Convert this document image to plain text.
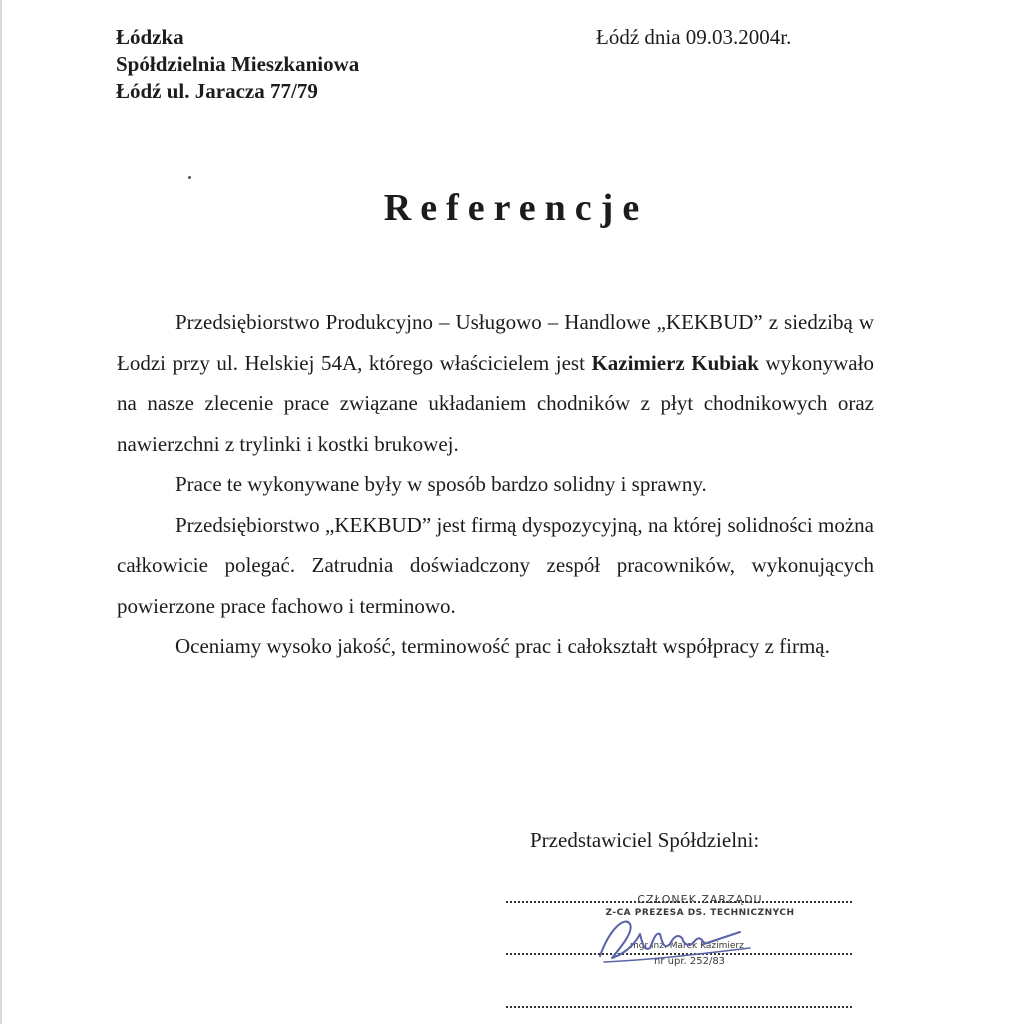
Łódzka
Spółdzielnia Mieszkaniowa
Łódź ul. Jaracza 77/79
Łódź dnia 09.03.2004r.
Referencje

Przedsiębiorstwo Produkcyjno – Usługowo – Handlowe „KEKBUD” z siedzibą w Łodzi przy ul. Helskiej 54A, którego właścicielem jest Kazimierz Kubiak wykonywało na nasze zlecenie prace związane układaniem chodników z płyt chodnikowych oraz nawierzchni z trylinki i kostki brukowej.

Prace te wykonywane były w sposób bardzo solidny i sprawny.

Przedsiębiorstwo „KEKBUD” jest firmą dyspozycyjną, na której solidności można całkowicie polegać. Zatrudnia doświadczony zespół pracowników, wykonujących powierzone prace fachowo i terminowo.

Oceniamy wysoko jakość, terminowość prac i całokształt współpracy z firmą.

Przedstawiciel Spółdzielni:
CZŁONEK ZARZĄDU
Z-CA PREZESA DS. TECHNICZNYCH
mgr inż. Marek Kazimierz
nr upr. 252/83
